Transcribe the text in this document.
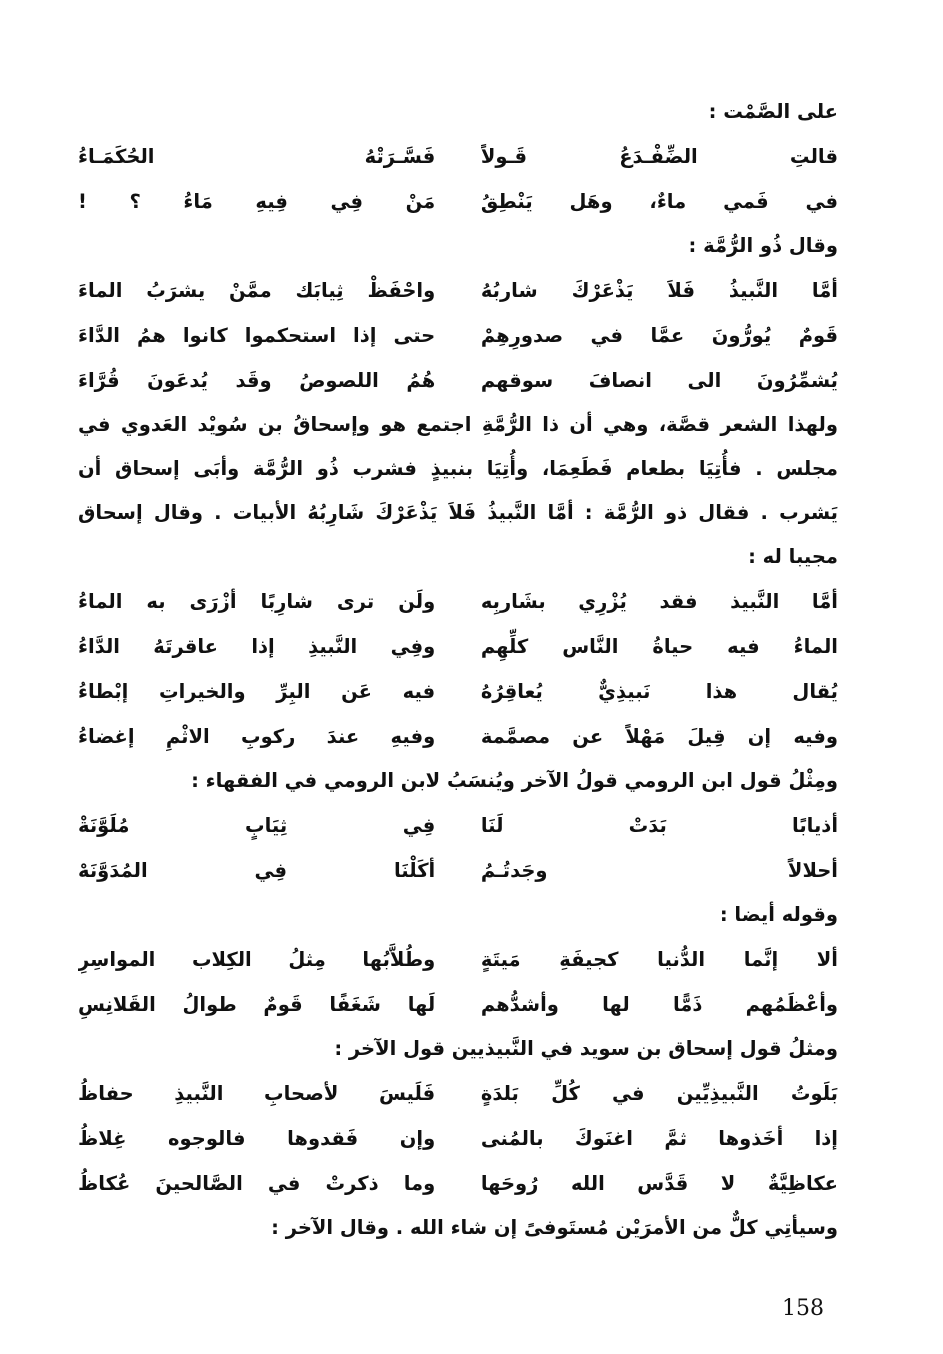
على الصَّمْت :
قالتِ الضِّفْـدَعُ قَـولاً
فَسَّـرَتْهُ الحُكَمَـاءُ
في فَمي ماءٌ، وهَل يَنْطِقُ
مَنْ فِي فِيهِ مَاءُ ؟ !
وقال ذُو الرُّمَّة :
أمَّا النَّبيذُ فَلاَ يَذْعَرْكَ شاربُهُ
واحْفَظْ ثِيابَك ممَّنْ يشرَبُ الماءَ
قَومٌ يُورُّونَ عمَّا في صدورِهِمْ
حتى إذا استحكموا كانوا همُ الدَّاءَ
يُشمِّرُونَ الى انصافَ سوقهم
هُمُ اللصوصُ وقَد يُدعَونَ قُرَّاءَ
ولهذا الشعر قصَّة، وهي أن ذا الرُّمَّةِ اجتمع هو وإسحاقُ بن سُويْد العَدوي في
مجلس . فأُتِيَا بطعام فَطَعِمَا، وأُتِيَا بنبيذٍ فشرب ذُو الرُّمَّة وأبَى إسحاق أن
يَشرب . فقال ذو الرُّمَّة : أمَّا النَّبيذُ فَلاَ يَذْعَرْكَ شَارِبُهُ الأبيات . وقال إسحاق
مجيبا له :
أمَّا النَّبيذ فقد يُزْرِي بشَاربِه
ولَن ترى شارِبًا أزْرَى به الماءُ
الماءُ فيه حياةُ النَّاس كلِّهِم
وفِي النَّبيذِ إذا عاقرتَهُ الدَّاءُ
يُقال هذا نَبيذِيٌّ يُعاقِرُهُ
فيه عَن البِرِّ والخيراتِ إبْطاءُ
وفيه إن قِيلَ مَهْلاً عن مصمَّمة
وفيهِ عندَ ركوبِ الاثْمِ إغضاءُ
ومِثْلُ قول ابن الرومي قولُ الآخر ويُنسَبُ لابن الرومي في الفقهاء :
أذيابًا بَدَتْ لَنَا
فِي ثِيَابٍ مُلَوَّنَةْ
أحلالاً وجَدتُـمُ
أكَلْنَا فِي المُدَوَّنَهْ
وقوله أيضا :
ألا إنَّما الدُّنيا كجيفَةِ مَيتَةٍ
وطُلاَّبُها مِثلُ الكِلاب المواسِرِ
وأعْظَمُهم ذَمًّا لها وأشدُّهم
لَها شَغَفًا قَومٌ طوالُ القَلانِسِ
ومثلُ قول إسحاق بن سويد في النَّبيذيين قول الآخر :
بَلَوتُ النَّبيذِيِّين في كُلِّ بَلدَةٍ
فَلَيسَ لأصحابِ النَّبيذِ حفاظُ
إذا أخَذوها ثمَّ اغنَوكَ بالمُنى
وإن فَقدوها فالوجوه غِلاظُ
عكاظِيَّةٌ لا قَدَّس الله رُوحَها
وما ذكرتْ في الصَّالحينَ عُكاظُ
وسيأتِي كلٌّ من الأمرَيْن مُستَوفىً إن شاء الله . وقال الآخر :
158
